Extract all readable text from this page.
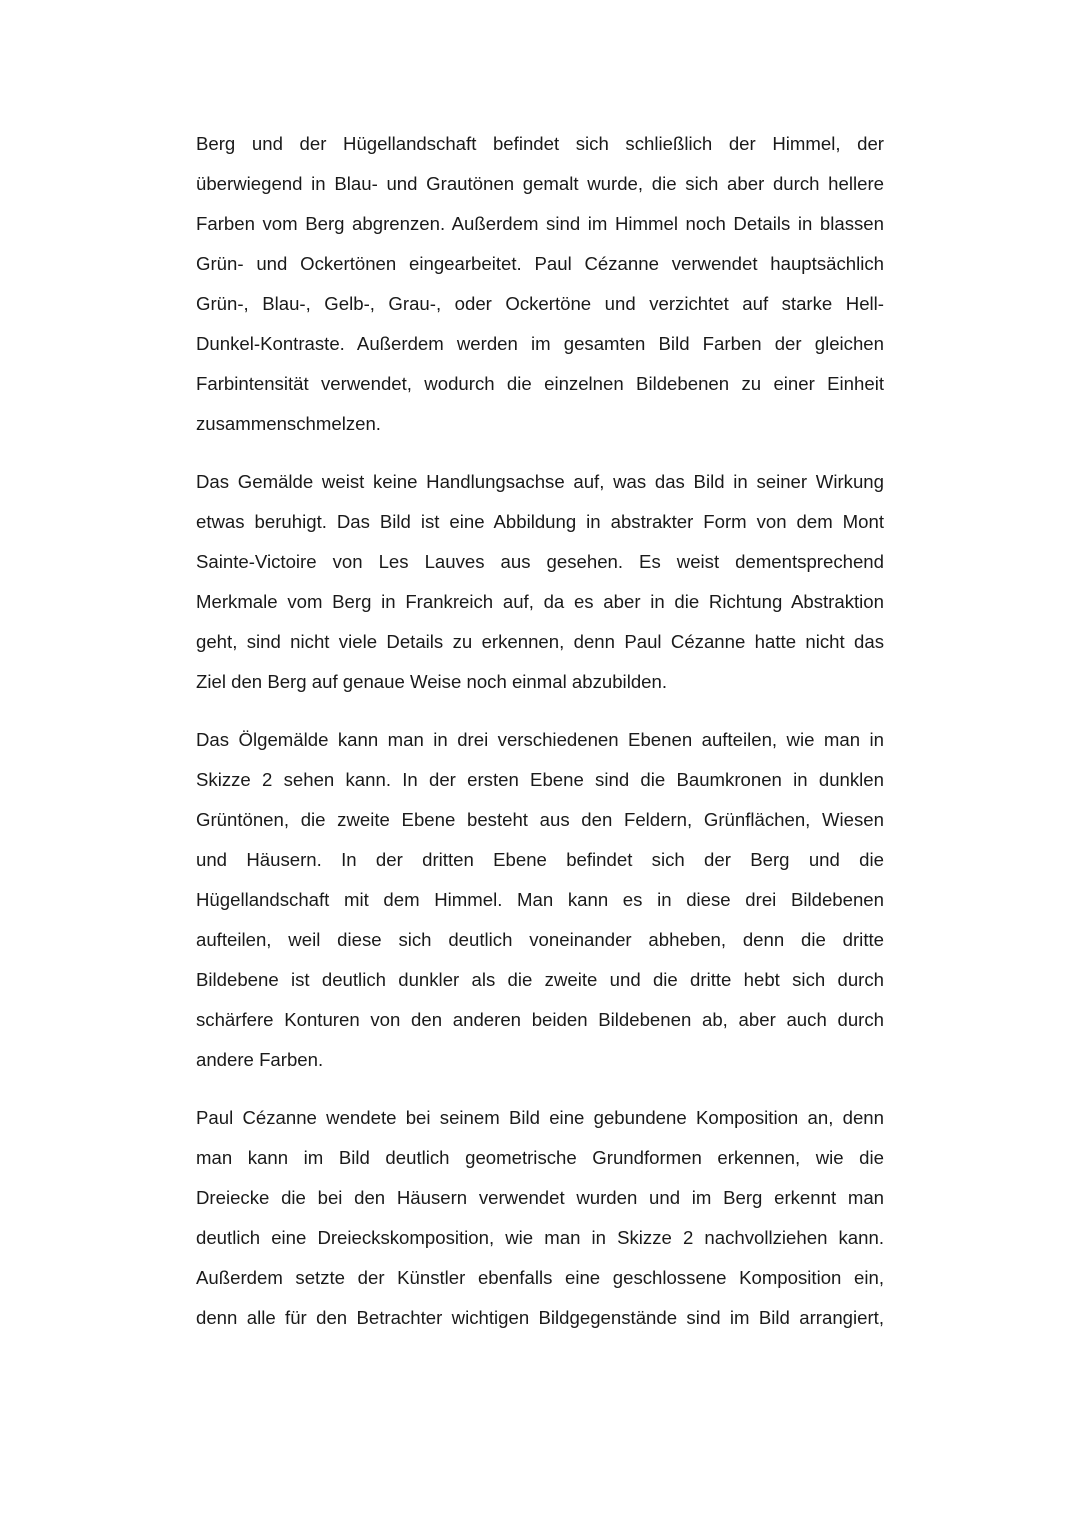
Berg und der Hügellandschaft befindet sich schließlich der Himmel, der
überwiegend in Blau- und Grautönen gemalt wurde, die sich aber durch hellere
Farben vom Berg abgrenzen. Außerdem sind im Himmel noch Details in blassen
Grün- und Ockertönen eingearbeitet. Paul Cézanne verwendet hauptsächlich
Grün-, Blau-, Gelb-, Grau-, oder Ockertöne und verzichtet auf starke Hell-
Dunkel-Kontraste. Außerdem werden im gesamten Bild Farben der gleichen
Farbintensität verwendet, wodurch die einzelnen Bildebenen zu einer Einheit
zusammenschmelzen.
Das Gemälde weist keine Handlungsachse auf, was das Bild in seiner Wirkung
etwas beruhigt. Das Bild ist eine Abbildung in abstrakter Form von dem Mont
Sainte-Victoire von Les Lauves aus gesehen. Es weist dementsprechend
Merkmale vom Berg in Frankreich auf, da es aber in die Richtung Abstraktion
geht, sind nicht viele Details zu erkennen, denn Paul Cézanne hatte nicht das
Ziel den Berg auf genaue Weise noch einmal abzubilden.
Das Ölgemälde kann man in drei verschiedenen Ebenen aufteilen, wie man in
Skizze 2 sehen kann. In der ersten Ebene sind die Baumkronen in dunklen
Grüntönen, die zweite Ebene besteht aus den Feldern, Grünflächen, Wiesen
und Häusern. In der dritten Ebene befindet sich der Berg und die
Hügellandschaft mit dem Himmel. Man kann es in diese drei Bildebenen
aufteilen, weil diese sich deutlich voneinander abheben, denn die dritte
Bildebene ist deutlich dunkler als die zweite und die dritte hebt sich durch
schärfere Konturen von den anderen beiden Bildebenen ab, aber auch durch
andere Farben.
Paul Cézanne wendete bei seinem Bild eine gebundene Komposition an, denn
man kann im Bild deutlich geometrische Grundformen erkennen, wie die
Dreiecke die bei den Häusern verwendet wurden und im Berg erkennt man
deutlich eine Dreieckskomposition, wie man in Skizze 2 nachvollziehen kann.
Außerdem setzte der Künstler ebenfalls eine geschlossene Komposition ein,
denn alle für den Betrachter wichtigen Bildgegenstände sind im Bild arrangiert,
